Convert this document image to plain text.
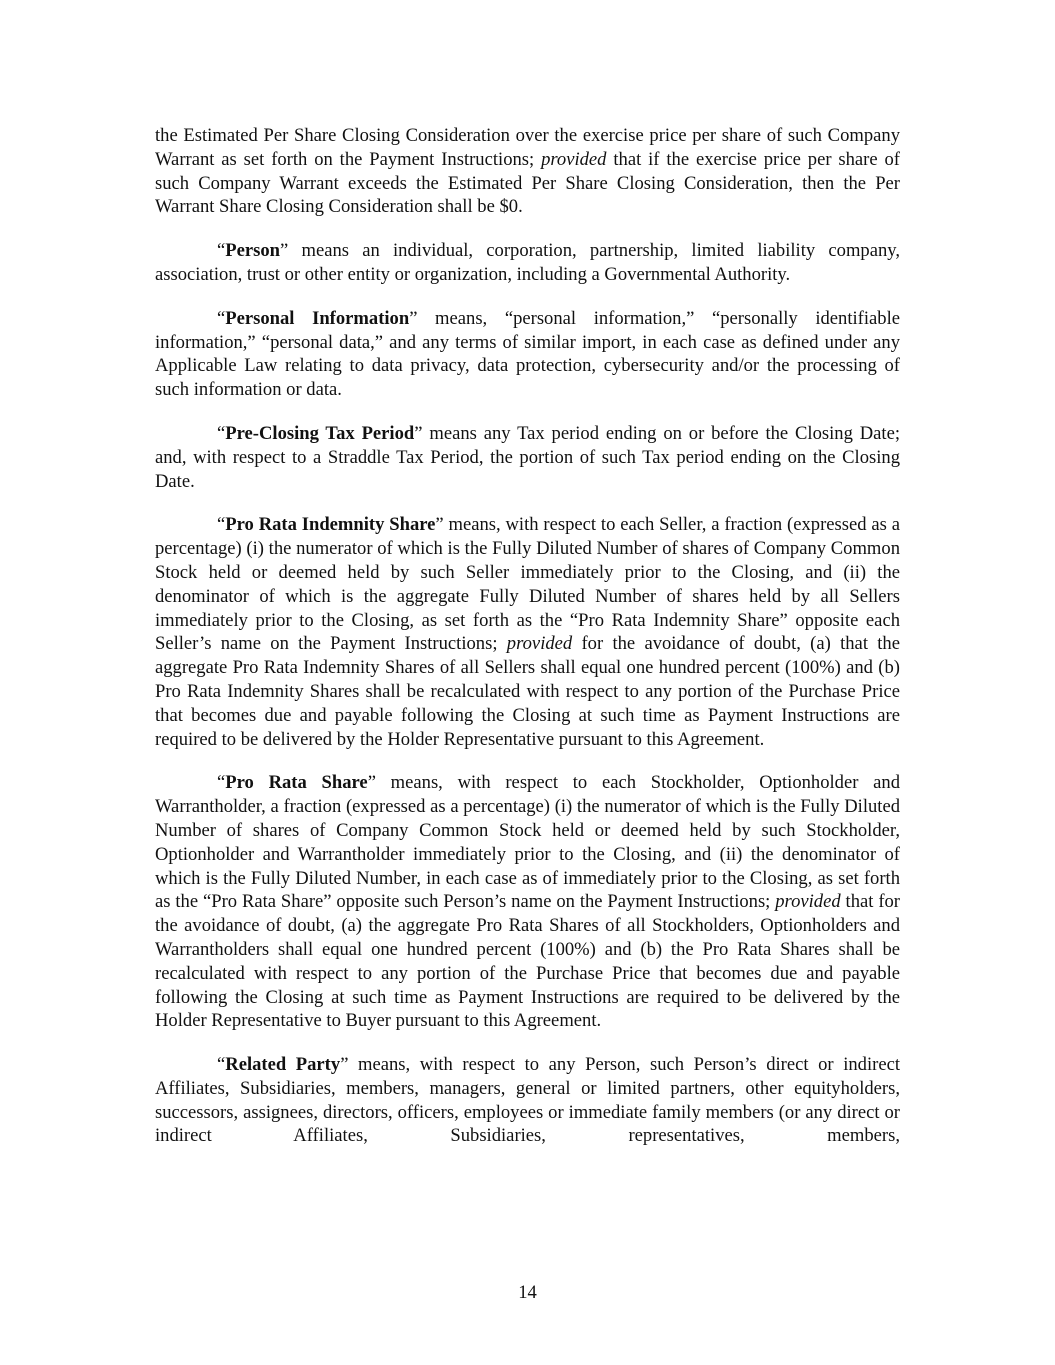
the Estimated Per Share Closing Consideration over the exercise price per share of such Company Warrant as set forth on the Payment Instructions; provided that if the exercise price per share of such Company Warrant exceeds the Estimated Per Share Closing Consideration, then the Per Warrant Share Closing Consideration shall be $0.

“Person” means an individual, corporation, partnership, limited liability company, association, trust or other entity or organization, including a Governmental Authority.

“Personal Information” means, “personal information,” “personally identifiable information,” “personal data,” and any terms of similar import, in each case as defined under any Applicable Law relating to data privacy, data protection, cybersecurity and/or the processing of such information or data.

“Pre-Closing Tax Period” means any Tax period ending on or before the Closing Date; and, with respect to a Straddle Tax Period, the portion of such Tax period ending on the Closing Date.

“Pro Rata Indemnity Share” means, with respect to each Seller, a fraction (expressed as a percentage) (i) the numerator of which is the Fully Diluted Number of shares of Company Common Stock held or deemed held by such Seller immediately prior to the Closing, and (ii) the denominator of which is the aggregate Fully Diluted Number of shares held by all Sellers immediately prior to the Closing, as set forth as the “Pro Rata Indemnity Share” opposite each Seller’s name on the Payment Instructions; provided for the avoidance of doubt, (a) that the aggregate Pro Rata Indemnity Shares of all Sellers shall equal one hundred percent (100%) and (b) Pro Rata Indemnity Shares shall be recalculated with respect to any portion of the Purchase Price that becomes due and payable following the Closing at such time as Payment Instructions are required to be delivered by the Holder Representative pursuant to this Agreement.

“Pro Rata Share” means, with respect to each Stockholder, Optionholder and Warrantholder, a fraction (expressed as a percentage) (i) the numerator of which is the Fully Diluted Number of shares of Company Common Stock held or deemed held by such Stockholder, Optionholder and Warrantholder immediately prior to the Closing, and (ii) the denominator of which is the Fully Diluted Number, in each case as of immediately prior to the Closing, as set forth as the “Pro Rata Share” opposite such Person’s name on the Payment Instructions; provided that for the avoidance of doubt, (a) the aggregate Pro Rata Shares of all Stockholders, Optionholders and Warrantholders shall equal one hundred percent (100%) and (b) the Pro Rata Shares shall be recalculated with respect to any portion of the Purchase Price that becomes due and payable following the Closing at such time as Payment Instructions are required to be delivered by the Holder Representative to Buyer pursuant to this Agreement.

“Related Party” means, with respect to any Person, such Person’s direct or indirect Affiliates, Subsidiaries, members, managers, general or limited partners, other equityholders, successors, assignees, directors, officers, employees or immediate family members (or any direct or indirect Affiliates, Subsidiaries, representatives, members,

14
